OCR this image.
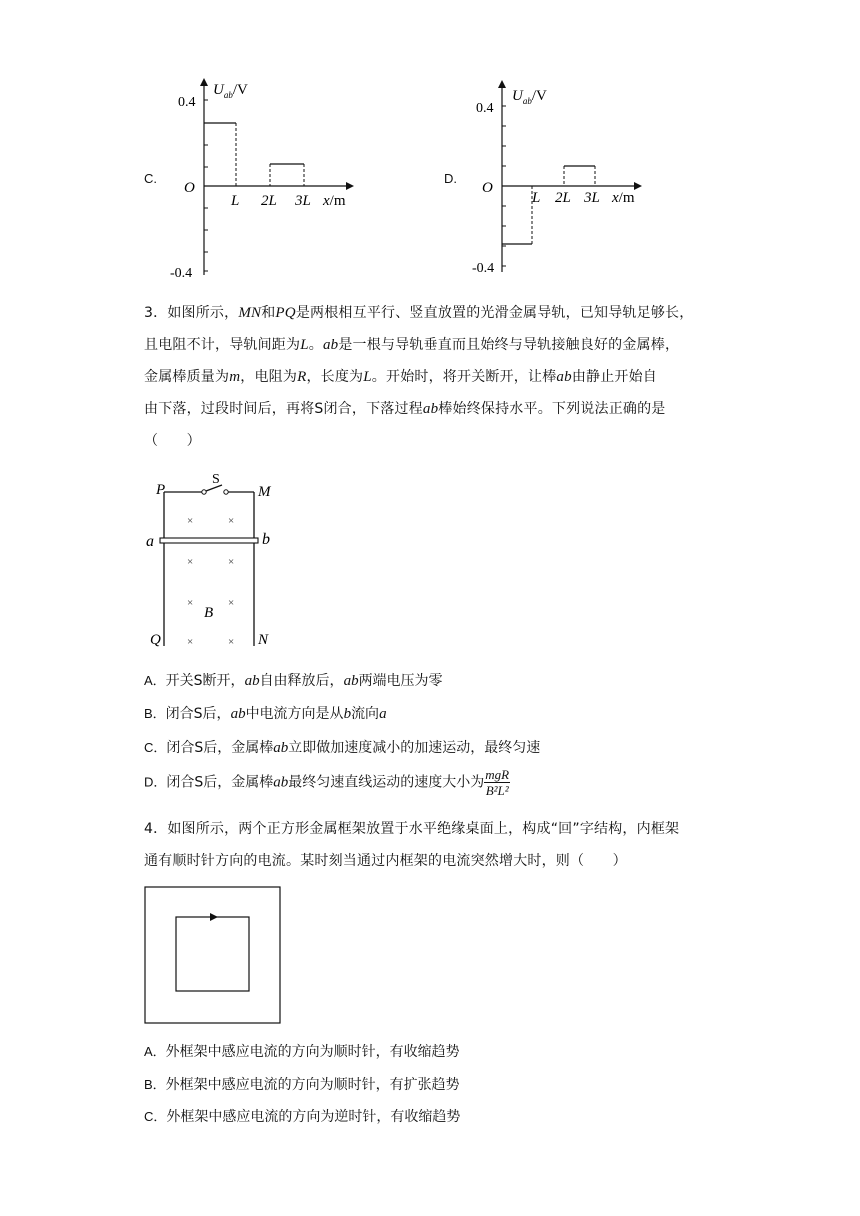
C.
$U_{ab}/V$
0.4
-0.4
O
L 2L 3L x/m
D.
$U_{ab}/V$
0.4
-0.4
O
L 2L 3L x/m
3．如图所示，MN和PQ是两根相互平行、竖直放置的光滑金属导轨，已知导轨足够长，
且电阻不计，导轨间距为L。ab是一根与导轨垂直而且始终与导轨接触良好的金属棒，
金属棒质量为m，电阻为R，长度为L。开始时，将开关断开，让棒ab由静止开始自
由下落，过段时间后，再将S闭合，下落过程ab棒始终保持水平。下列说法正确的是
（　　）
P	M
S
a	b
B
Q	N
×	×
×	×
×	×
×	×
A．开关S断开，ab自由释放后，ab两端电压为零
B．闭合S后，ab中电流方向是从b流向a
C．闭合S后，金属棒ab立即做加速度减小的加速运动，最终匀速
D．闭合S后，金属棒ab最终匀速直线运动的速度大小为 $\frac{\text{mgR}}{\text{B²L²}}$
4．如图所示，两个正方形金属框架放置于水平绝缘桌面上，构成“回”字结构，内框架
通有顺时针方向的电流。某时刻当通过内框架的电流突然增大时，则（　　）
A．外框架中感应电流的方向为顺时针，有收缩趋势
B．外框架中感应电流的方向为顺时针，有扩张趋势
C．外框架中感应电流的方向为逆时针，有收缩趋势
